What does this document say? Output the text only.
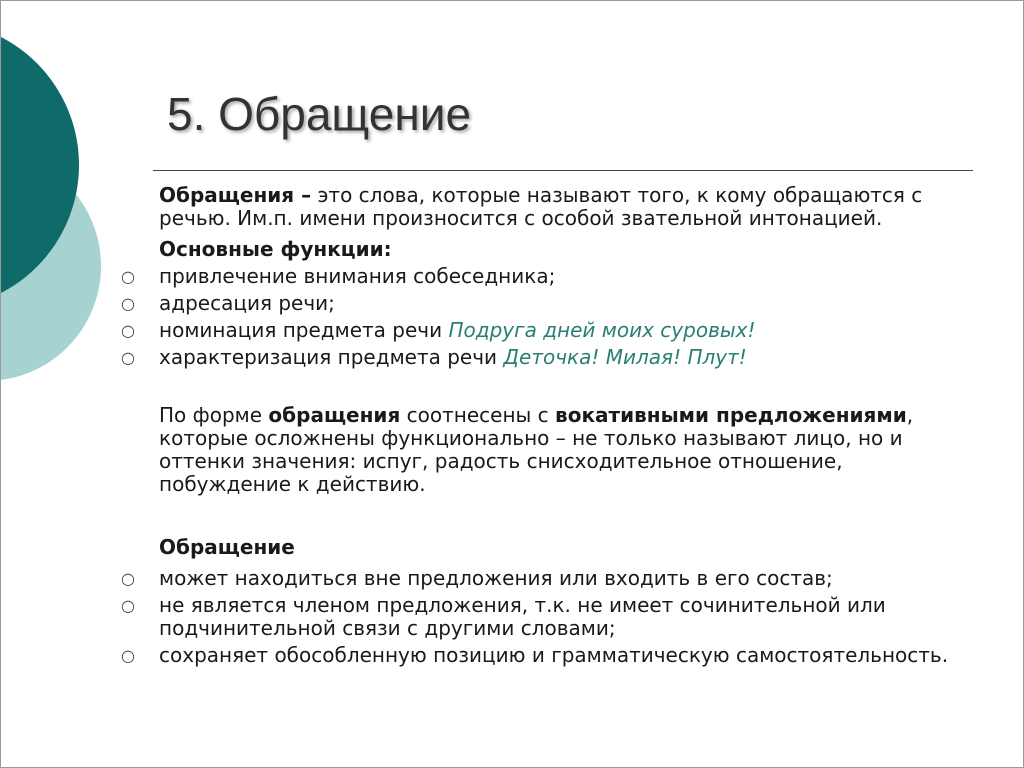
5. Обращение

Обращения – это слова, которые называют того, к кому обращаются с речью. Им.п. имени произносится с особой звательной интонацией.

Основные функции:

○ привлечение внимания собеседника;

○ адресация речи;

○ номинация предмета речи Подруга дней моих суровых!

○ характеризация предмета речи Деточка! Милая! Плут!

По форме обращения соотнесены с вокативными предложениями, которые осложнены функционально – не только называют лицо, но и оттенки значения: испуг, радость снисходительное отношение, побуждение к действию.

Обращение

○ может находиться вне предложения или входить в его состав;

○ не является членом предложения, т.к. не имеет сочинительной или подчинительной связи с другими словами;

○ сохраняет обособленную позицию и грамматическую самостоятельность.
